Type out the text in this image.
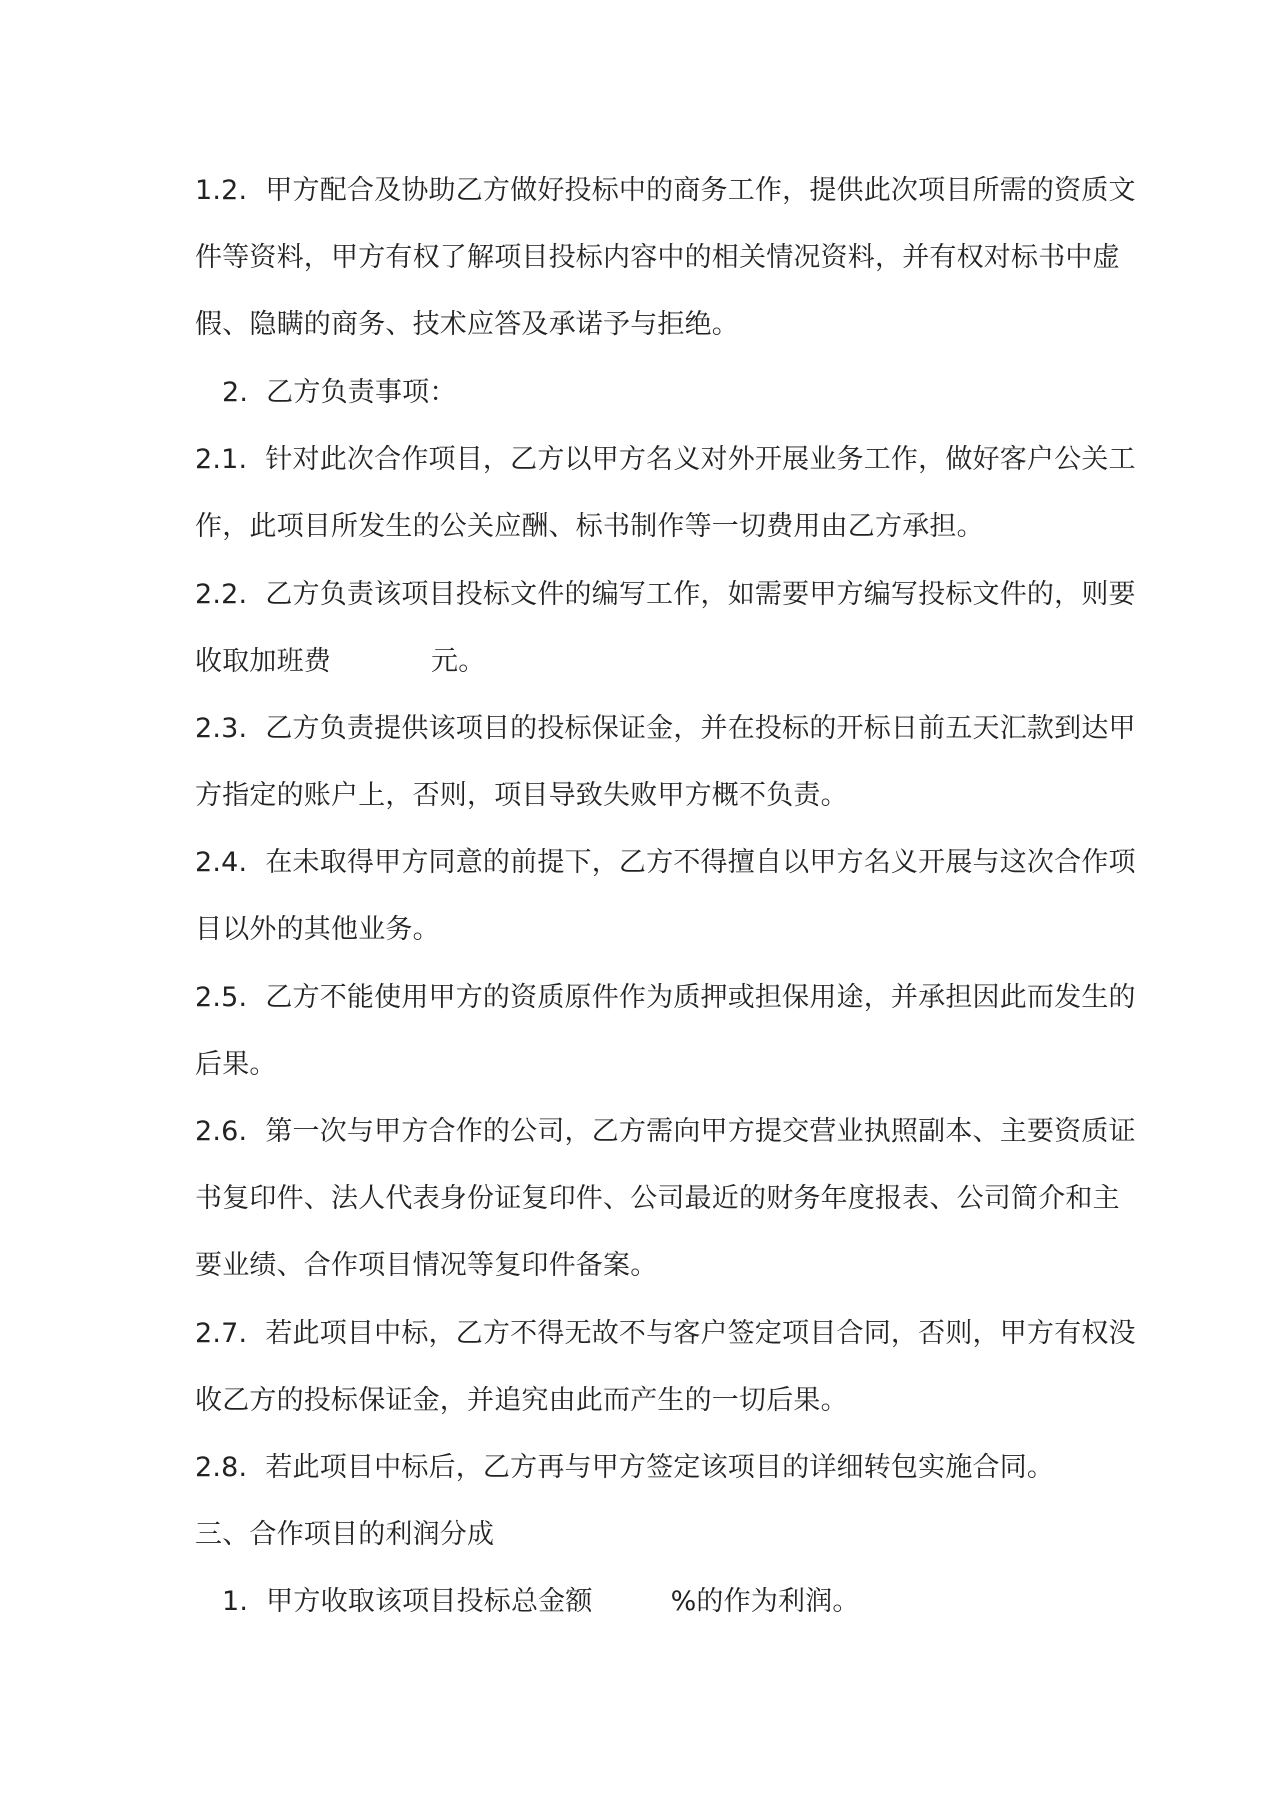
1.2. 甲方配合及协助乙方做好投标中的商务工作，提供此次项目所需的资质文
件等资料，甲方有权了解项目投标内容中的相关情况资料，并有权对标书中虚
假、隐瞒的商务、技术应答及承诺予与拒绝。
2. 乙方负责事项：
2.1. 针对此次合作项目，乙方以甲方名义对外开展业务工作，做好客户公关工
作，此项目所发生的公关应酬、标书制作等一切费用由乙方承担。
2.2. 乙方负责该项目投标文件的编写工作，如需要甲方编写投标文件的，则要
收取加班费	元。
2.3. 乙方负责提供该项目的投标保证金，并在投标的开标日前五天汇款到达甲
方指定的账户上，否则，项目导致失败甲方概不负责。
2.4. 在未取得甲方同意的前提下，乙方不得擅自以甲方名义开展与这次合作项
目以外的其他业务。
2.5. 乙方不能使用甲方的资质原件作为质押或担保用途，并承担因此而发生的
后果。
2.6. 第一次与甲方合作的公司，乙方需向甲方提交营业执照副本、主要资质证
书复印件、法人代表身份证复印件、公司最近的财务年度报表、公司简介和主
要业绩、合作项目情况等复印件备案。
2.7. 若此项目中标，乙方不得无故不与客户签定项目合同，否则，甲方有权没
收乙方的投标保证金，并追究由此而产生的一切后果。
2.8. 若此项目中标后，乙方再与甲方签定该项目的详细转包实施合同。
三、合作项目的利润分成
1. 甲方收取该项目投标总金额	%的作为利润。
